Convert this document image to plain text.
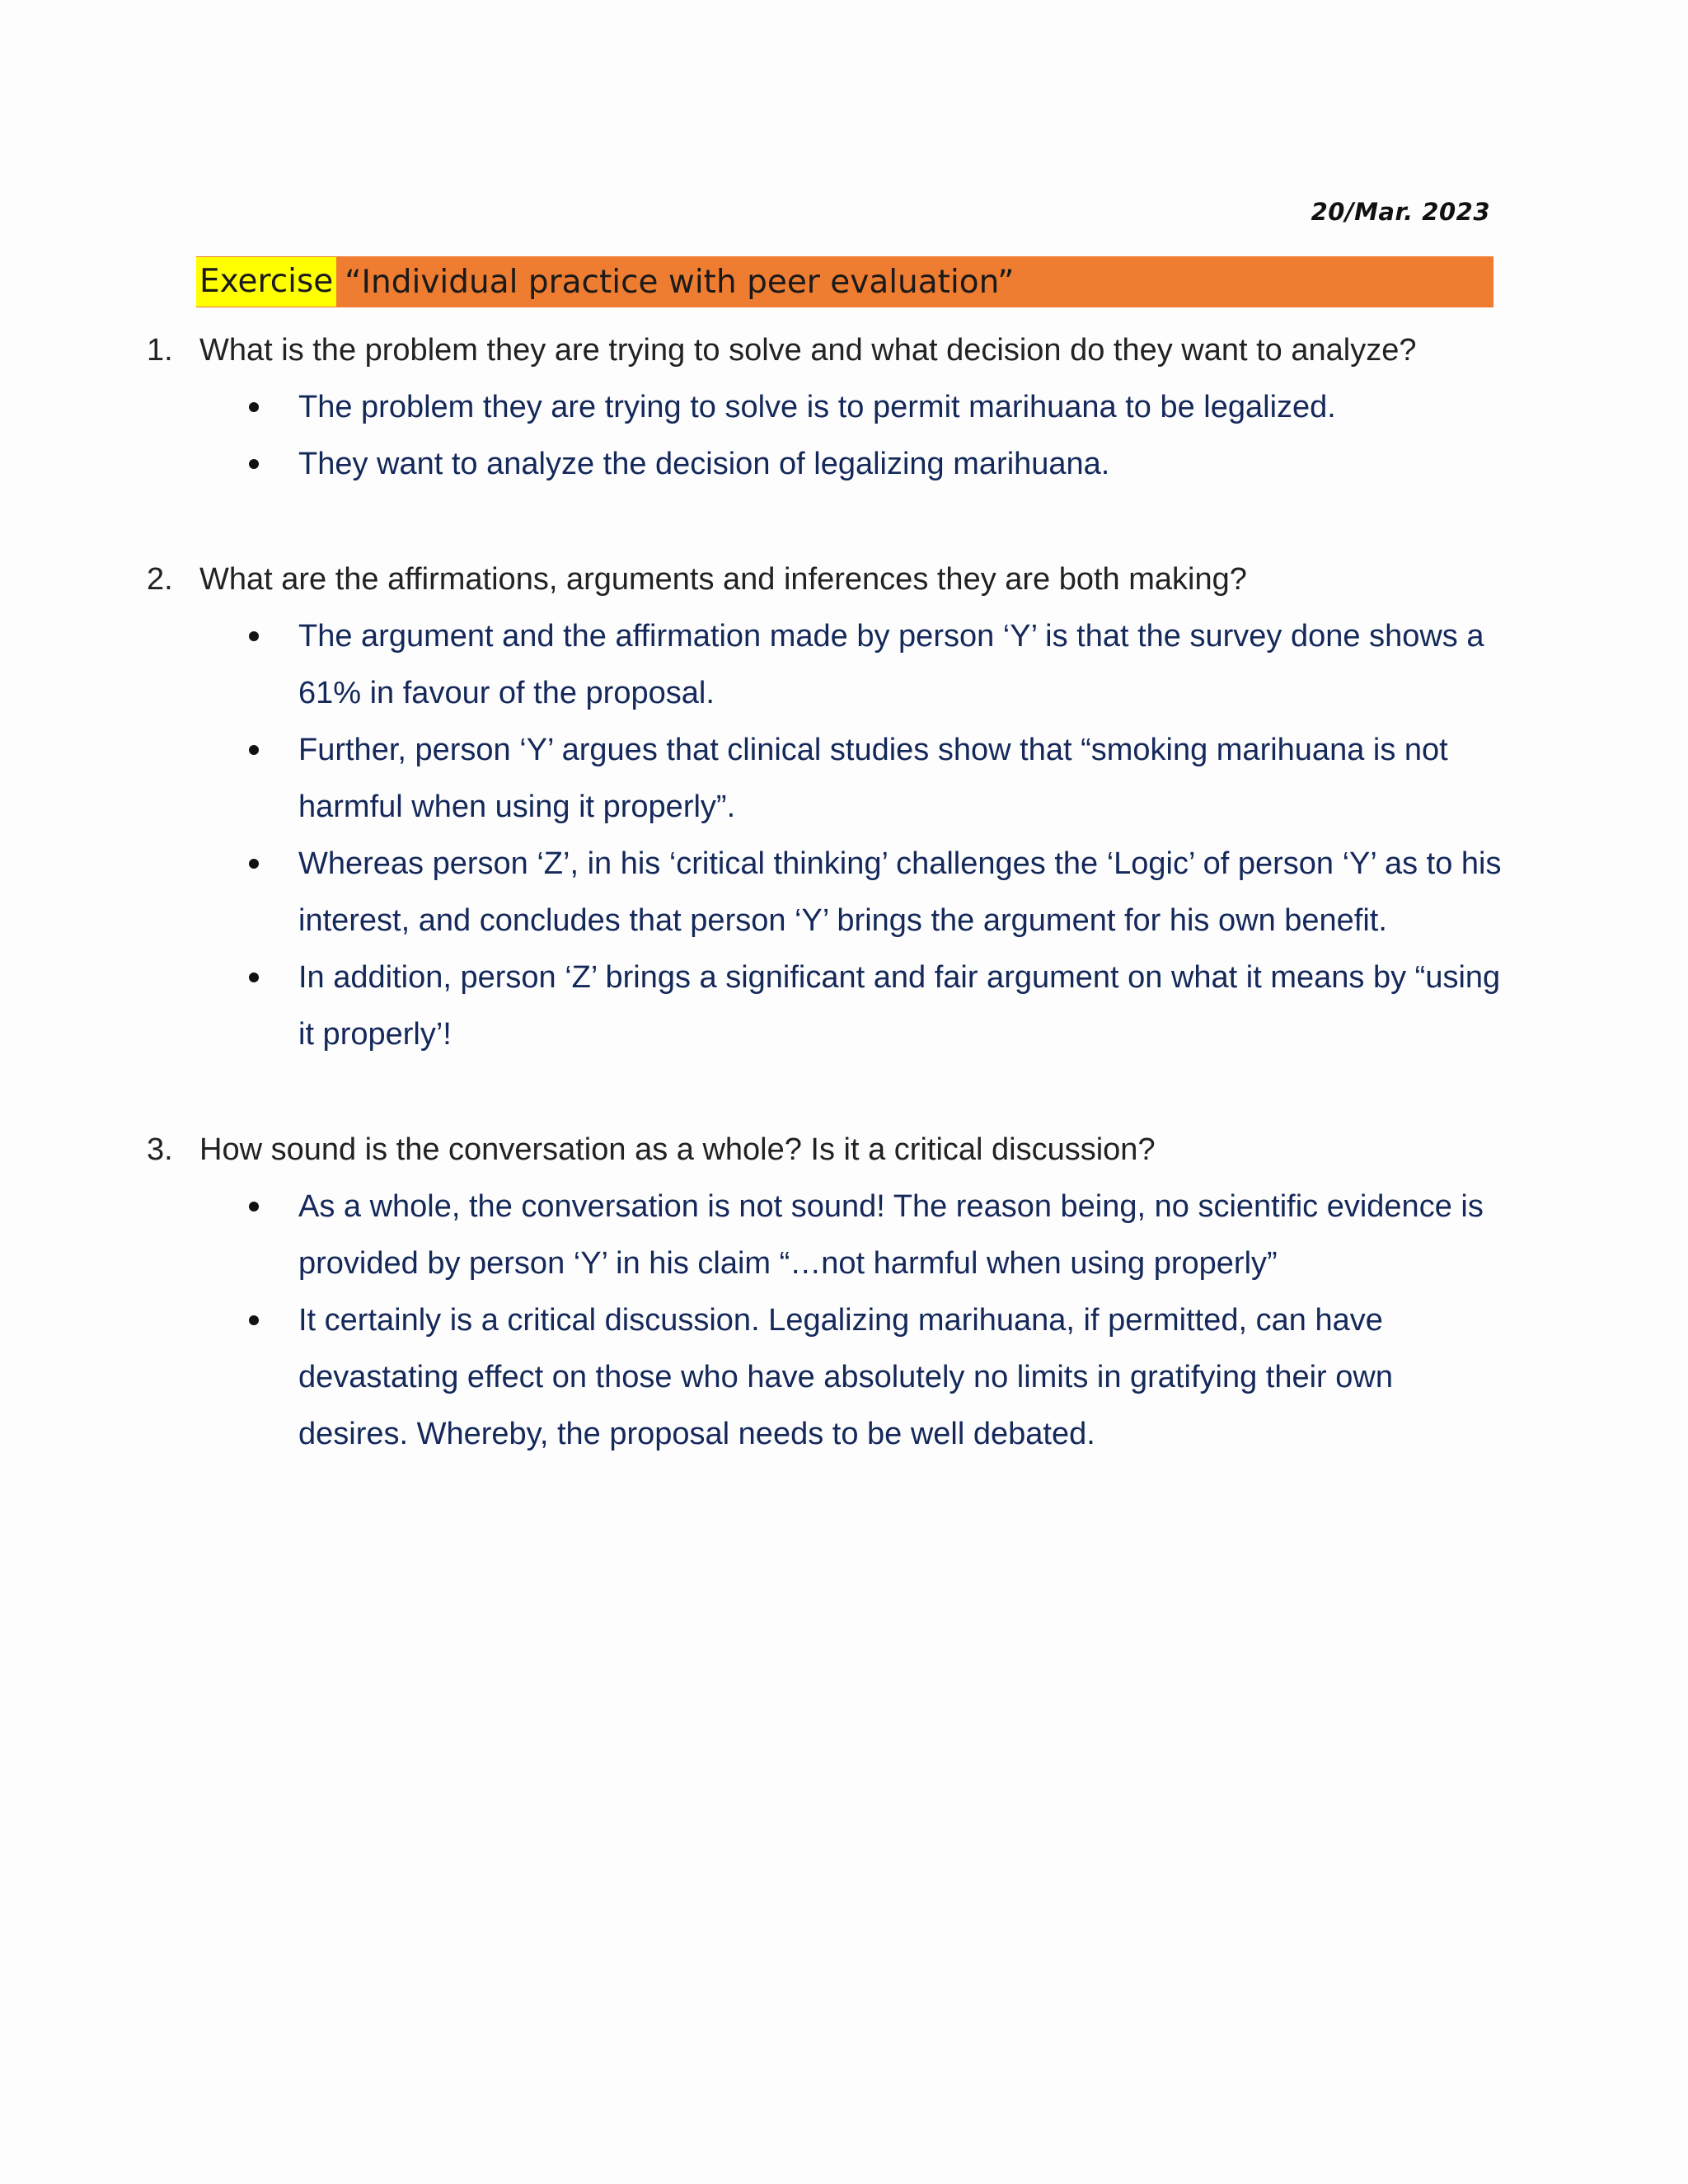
20/Mar. 2023
Exercise “Individual practice with peer evaluation”
1. What is the problem they are trying to solve and what decision do they want to analyze?
The problem they are trying to solve is to permit marihuana to be legalized.
They want to analyze the decision of legalizing marihuana.
2. What are the affirmations, arguments and inferences they are both making?
The argument and the affirmation made by person ‘Y’ is that the survey done shows a 61% in favour of the proposal.
Further, person ‘Y’ argues that clinical studies show that “smoking marihuana is not harmful when using it properly”.
Whereas person ‘Z’, in his ‘critical thinking’ challenges the ‘Logic’ of person ‘Y’ as to his interest, and concludes that person ‘Y’ brings the argument for his own benefit.
In addition, person ‘Z’ brings a significant and fair argument on what it means by “using it properly’!
3. How sound is the conversation as a whole? Is it a critical discussion?
As a whole, the conversation is not sound! The reason being, no scientific evidence is provided by person ‘Y’ in his claim “…not harmful when using properly”
It certainly is a critical discussion. Legalizing marihuana, if permitted, can have devastating effect on those who have absolutely no limits in gratifying their own desires. Whereby, the proposal needs to be well debated.
